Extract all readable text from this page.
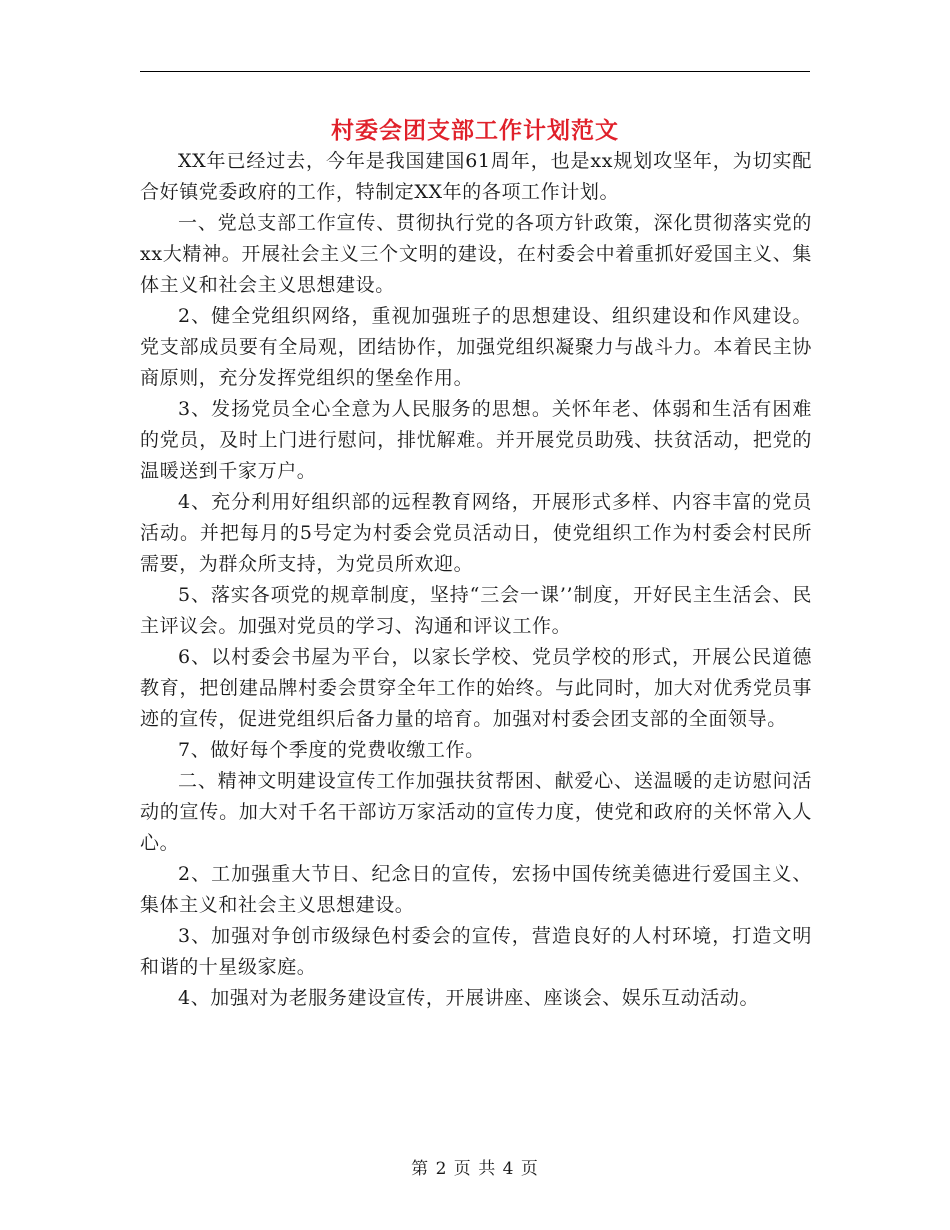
村委会团支部工作计划范文

XX年已经过去，今年是我国建国61周年，也是xx规划攻坚年，为切实配合好镇党委政府的工作，特制定XX年的各项工作计划。

一、党总支部工作宣传、贯彻执行党的各项方针政策，深化贯彻落实党的xx大精神。开展社会主义三个文明的建设，在村委会中着重抓好爱国主义、集体主义和社会主义思想建设。

2、健全党组织网络，重视加强班子的思想建设、组织建设和作风建设。党支部成员要有全局观，团结协作，加强党组织凝聚力与战斗力。本着民主协商原则，充分发挥党组织的堡垒作用。

3、发扬党员全心全意为人民服务的思想。关怀年老、体弱和生活有困难的党员，及时上门进行慰问，排忧解难。并开展党员助残、扶贫活动，把党的温暖送到千家万户。

4、充分利用好组织部的远程教育网络，开展形式多样、内容丰富的党员活动。并把每月的5号定为村委会党员活动日，使党组织工作为村委会村民所需要，为群众所支持，为党员所欢迎。

5、落实各项党的规章制度，坚持“三会一课’’制度，开好民主生活会、民主评议会。加强对党员的学习、沟通和评议工作。

6、以村委会书屋为平台，以家长学校、党员学校的形式，开展公民道德教育，把创建品牌村委会贯穿全年工作的始终。与此同时，加大对优秀党员事迹的宣传，促进党组织后备力量的培育。加强对村委会团支部的全面领导。

7、做好每个季度的党费收缴工作。

二、精神文明建设宣传工作加强扶贫帮困、献爱心、送温暖的走访慰问活动的宣传。加大对千名干部访万家活动的宣传力度，使党和政府的关怀常入人心。

2、工加强重大节日、纪念日的宣传，宏扬中国传统美德进行爱国主义、集体主义和社会主义思想建设。

3、加强对争创市级绿色村委会的宣传，营造良好的人村环境，打造文明和谐的十星级家庭。

4、加强对为老服务建设宣传，开展讲座、座谈会、娱乐互动活动。

第 2 页 共 4 页
